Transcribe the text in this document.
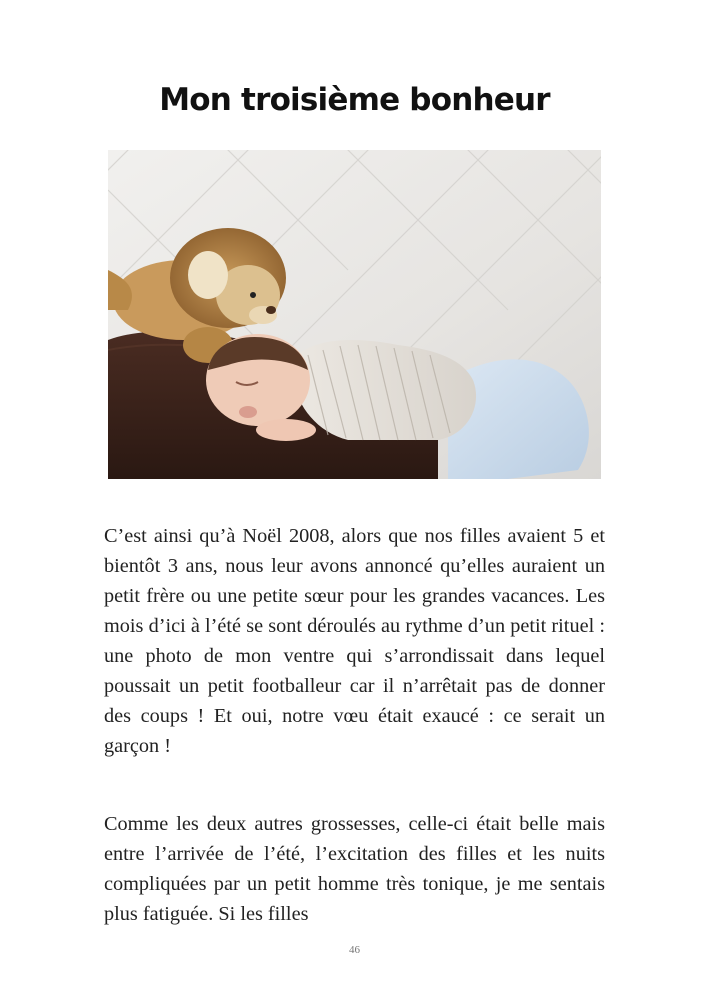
Mon troisième bonheur

C’est ainsi qu’à Noël 2008, alors que nos filles avaient 5 et bientôt 3 ans, nous leur avons annoncé qu’elles auraient un petit frère ou une petite sœur pour les grandes vacances. Les mois d’ici à l’été se sont déroulés au rythme d’un petit rituel : une photo de mon ventre qui s’arrondissait dans lequel poussait un petit footballeur car il n’arrêtait pas de donner des coups ! Et oui, notre vœu était exaucé : ce serait un garçon !

Comme les deux autres grossesses, celle-ci était belle mais entre l’arrivée de l’été, l’excitation des filles et les nuits compliquées par un petit homme très tonique, je me sentais plus fatiguée. Si les filles

46
